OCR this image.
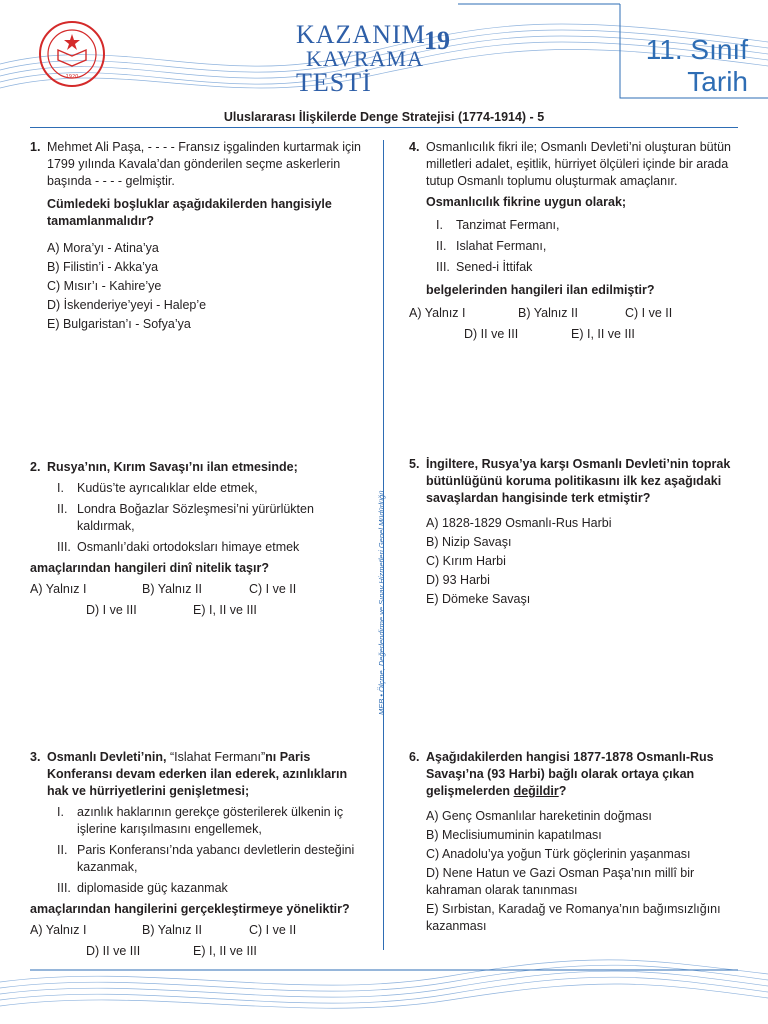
1920
KAZANIM
KAVRAMA
TESTİ
19	11. Sınıf
Tarih
Uluslararası İlişkilerde Denge Stratejisi (1774-1914) - 5
MEB • Ölçme, Değerlendirme ve Sınav Hizmetleri Genel Müdürlüğü
1. Mehmet Ali Paşa, - - - - Fransız işgalinden kurtarmak için 1799 yılında Kavala’dan gönderilen seçme askerlerin başında - - - - gelmiştir.

Cümledeki boşluklar aşağıdakilerden hangisiyle tamamlanmalıdır?

A) Mora’yı - Atina’ya
B) Filistin’i - Akka’ya
C) Mısır’ı - Kahire’ye
D) İskenderiye’yeyi - Halep’e
E) Bulgaristan’ı - Sofya’ya
2. Rusya’nın, Kırım Savaşı’nı ilan etmesinde;

I.	Kudüs’te ayrıcalıklar elde etmek,
II. Londra Boğazlar Sözleşmesi’ni yürürlükten kaldırmak,
III. Osmanlı’daki ortodoksları himaye etmek

amaçlarından hangileri dinî nitelik taşır?

A) Yalnız I	B) Yalnız II	C) I ve II
D) I ve III	E) I, II ve III
3. Osmanlı Devleti’nin, “Islahat Fermanı”nı Paris Konferansı devam ederken ilan ederek, azınlıkların hak ve hürriyetlerini genişletmesi;

I.	azınlık haklarının gerekçe gösterilerek ülkenin iç işlerine karışılmasını engellemek,
II. Paris Konferansı’nda yabancı devletlerin desteğini kazanmak,
III. diplomaside güç kazanmak

amaçlarından hangilerini gerçekleştirmeye yöneliktir?

A) Yalnız I	B) Yalnız II	C) I ve II
D) II ve III	E) I, II ve III
4. Osmanlıcılık fikri ile; Osmanlı Devleti’ni oluşturan bütün milletleri adalet, eşitlik, hürriyet ölçüleri içinde bir arada tutup Osmanlı toplumu oluşturmak amaçlanır.

Osmanlıcılık fikrine uygun olarak;

I.	Tanzimat Fermanı,
II. Islahat Fermanı,
III. Sened-i İttifak

belgelerinden hangileri ilan edilmiştir?

A) Yalnız I	B) Yalnız II	C) I ve II
D) II ve III	E) I, II ve III
5. İngiltere, Rusya’ya karşı Osmanlı Devleti’nin toprak bütünlüğünü koruma politikasını ilk kez aşağıdaki savaşlardan hangisinde terk etmiştir?

A) 1828-1829 Osmanlı-Rus Harbi
B) Nizip Savaşı
C) Kırım Harbi
D) 93 Harbi
E) Dömeke Savaşı
6. Aşağıdakilerden hangisi 1877-1878 Osmanlı-Rus Savaşı’na (93 Harbi) bağlı olarak ortaya çıkan gelişmelerden değildir?

A) Genç Osmanlılar hareketinin doğması
B) Meclisiumuminin kapatılması
C) Anadolu’ya yoğun Türk göçlerinin yaşanması
D) Nene Hatun ve Gazi Osman Paşa’nın millî bir kahraman olarak tanınması
E) Sırbistan, Karadağ ve Romanya’nın bağımsızlığını kazanması
